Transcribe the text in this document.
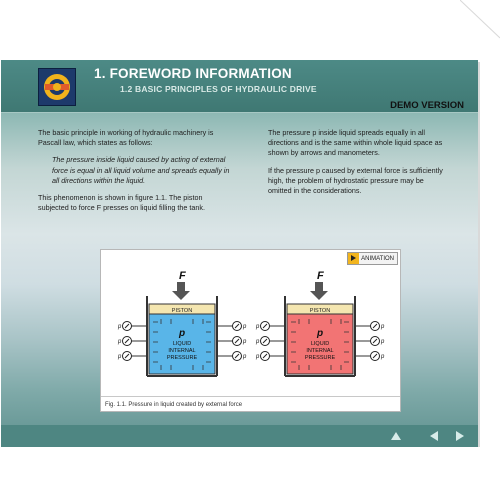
1. FOREWORD INFORMATION
1.2 BASIC PRINCIPLES OF HYDRAULIC DRIVE
DEMO VERSION

The basic principle in working of hydraulic machinery is Pascall law, which states as follows:

The pressure inside liquid caused by acting of external force is equal in all liquid volume and spreads equally in all directions within the liquid.

This phenomenon is shown in figure 1.1. The piston subjected to force F presses on liquid filling the tank.

The pressure p inside liquid spreads equally in all directions and is the same within whole liquid space as shown by arrows and manometers.

If the pressure p caused by external force is sufficiently high, the problem of hydrostatic pressure may be omitted in the considerations.

ANIMATION
F
PISTON
p
LIQUID
INTERNAL
PRESSURE
p
p
p
p
p
p
F
PISTON
p
LIQUID
INTERNAL
PRESSURE
p
p
p
p
p
p
Fig. 1.1. Pressure in liquid created by external force
